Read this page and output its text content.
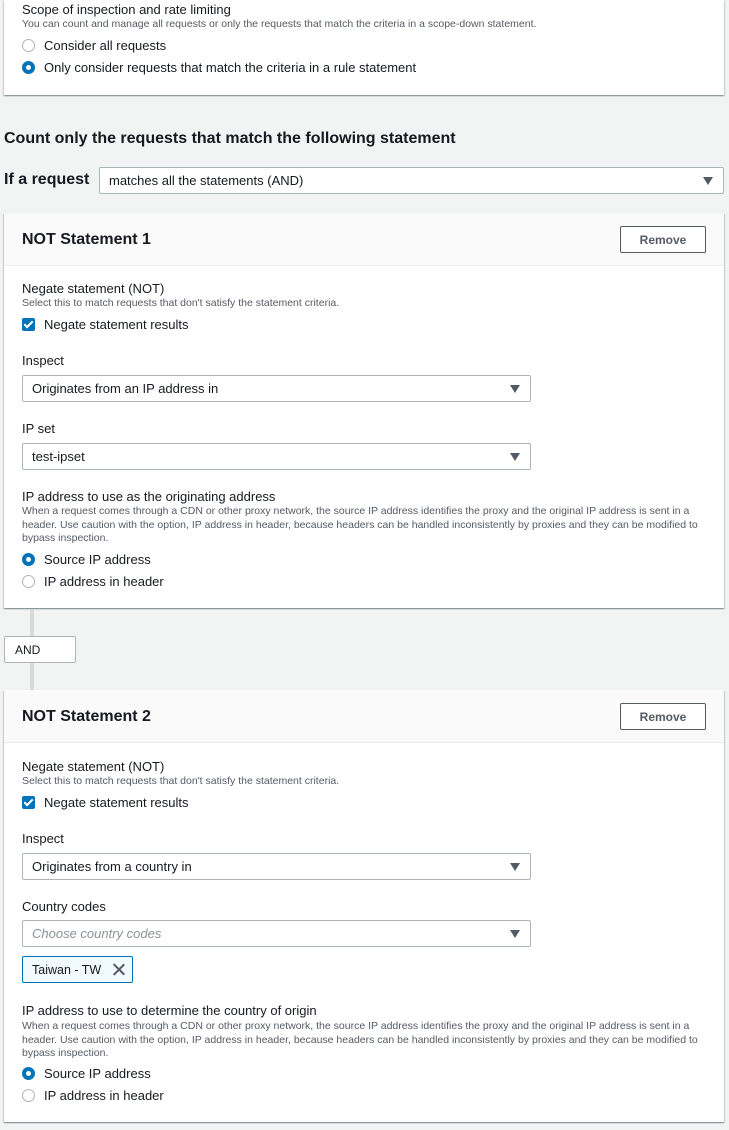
Scope of inspection and rate limiting
You can count and manage all requests or only the requests that match the criteria in a scope-down statement.
Consider all requests
Only consider requests that match the criteria in a rule statement
Count only the requests that match the following statement
If a request matches all the statements (AND)
NOT Statement 1	Remove
Negate statement (NOT)
Select this to match requests that don't satisfy the statement criteria.
Negate statement results
Inspect
Originates from an IP address in
IP set
test-ipset
IP address to use as the originating address
When a request comes through a CDN or other proxy network, the source IP address identifies the proxy and the original IP address is sent in a header. Use caution with the option, IP address in header, because headers can be handled inconsistently by proxies and they can be modified to bypass inspection.
Source IP address
IP address in header
AND
NOT Statement 2	Remove
Negate statement (NOT)
Select this to match requests that don't satisfy the statement criteria.
Negate statement results
Inspect
Originates from a country in
Country codes
Choose country codes
IP address to use to determine the country of origin
When a request comes through a CDN or other proxy network, the source IP address identifies the proxy and the original IP address is sent in a header. Use caution with the option, IP address in header, because headers can be handled inconsistently by proxies and they can be modified to bypass inspection.
Source IP address
IP address in header
Taiwan - TW
